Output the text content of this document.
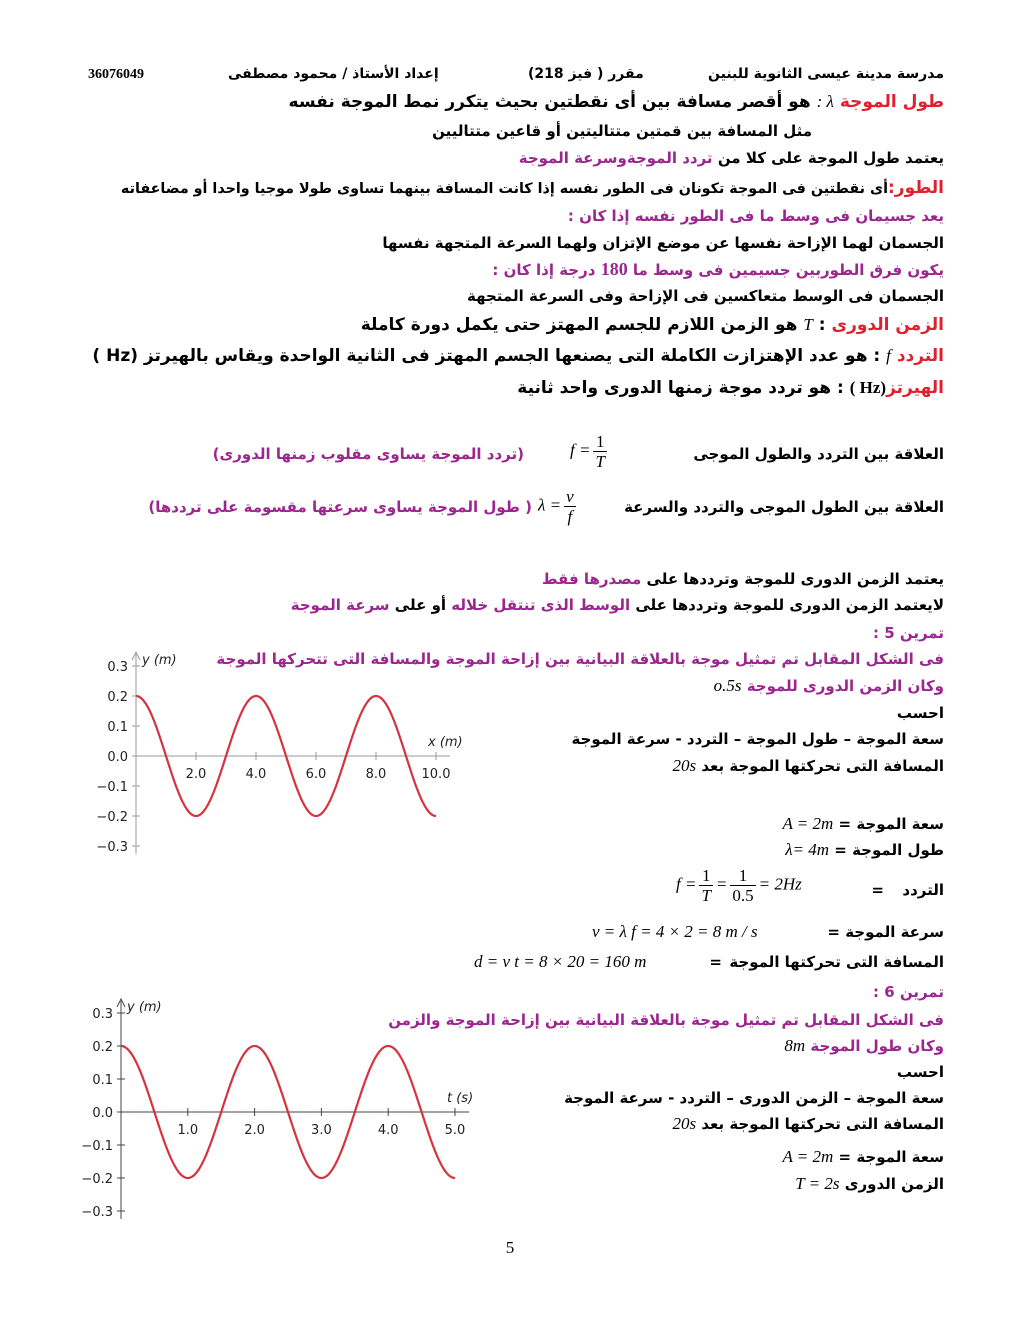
36076049	إعداد الأستاذ / محمود مصطفى	مقرر ( فيز 218)	مدرسة مدينة عيسى الثانوية للبنين
طول الموجة λ : هو أقصر مسافة بين أى نقطتين بحيث يتكرر نمط الموجة نفسه
مثل المسافة بين قمتين متتاليتين أو قاعين متتاليين
يعتمد طول الموجة على كلا من تردد الموجةوسرعة الموجة
الطور:أى نقطتين فى الموجة تكونان فى الطور نفسه إذا كانت المسافة بينهما تساوى طولا موجيا واحدا أو مضاعفاته
يعد جسيمان فى وسط ما فى الطور نفسه إذا كان :
الجسمان لهما الإزاحة نفسها عن موضع الإتزان ولهما السرعة المتجهة نفسها
يكون فرق الطوربين جسيمين فى وسط ما 180 درجة إذا كان :
الجسمان فى الوسط متعاكسين فى الإزاحة وفى السرعة المتجهة
الزمن الدورى : T هو الزمن اللازم للجسم المهتز حتى يكمل دورة كاملة
التردد f : هو عدد الإهتزازت الكاملة التى يصنعها الجسم المهتز فى الثانية الواحدة ويقاس بالهيرتز (Hz )
الهيرتز(Hz ) : هو تردد موجة زمنها الدورى واحد ثانية
العلاقة بين التردد والطول الموجى
$f = \frac{1}{T}$
(تردد الموجة يساوى مقلوب زمنها الدورى)
العلاقة بين الطول الموجى والتردد والسرعة
$\lambda = \frac{v}{f}$
( طول الموجة يساوى سرعتها مقسومة على ترددها)
يعتمد الزمن الدورى للموجة وترددها على مصدرها فقط
لايعتمد الزمن الدورى للموجة وترددها على الوسط الذى تنتقل خلاله أو على سرعة الموجة
تمرين 5 :
فى الشكل المقابل تم تمثيل موجة بالعلاقة البيانية بين إزاحة الموجة والمسافة التى تتحركها الموجة
وكان الزمن الدورى للموجة o.5s
احسب
سعة الموجة – طول الموجة – التردد - سرعة الموجة
المسافة التى تحركتها الموجة بعد 20s
سعة الموجة = A = 2m
طول الموجة = λ= 4m
التردد
=
$f = \frac{1}{T} = \frac{1}{0.5} = 2Hz$
سرعة الموجة
=
v = λ f = 4 × 2 = 8 m / s
المسافة التى تحركتها الموجة
=
d = v t = 8 × 20 = 160 m
تمرين 6 :
فى الشكل المقابل تم تمثيل موجة بالعلاقة البيانية بين إزاحة الموجة والزمن
وكان طول الموجة 8m
احسب
سعة الموجة – الزمن الدورى – التردد - سرعة الموجة
المسافة التى تحركتها الموجة بعد 20s
سعة الموجة = A = 2m
الزمن الدورى T = 2s
0.3
0.2
0.1
0.0
−0.1
−0.2
−0.3
2.0	4.0	6.0	8.0	10.0
y (m)
x (m)
0.3
0.2
0.1
0.0
−0.1
−0.2
−0.3
1.0	2.0	3.0	4.0	5.0
y (m)
t (s)
5
